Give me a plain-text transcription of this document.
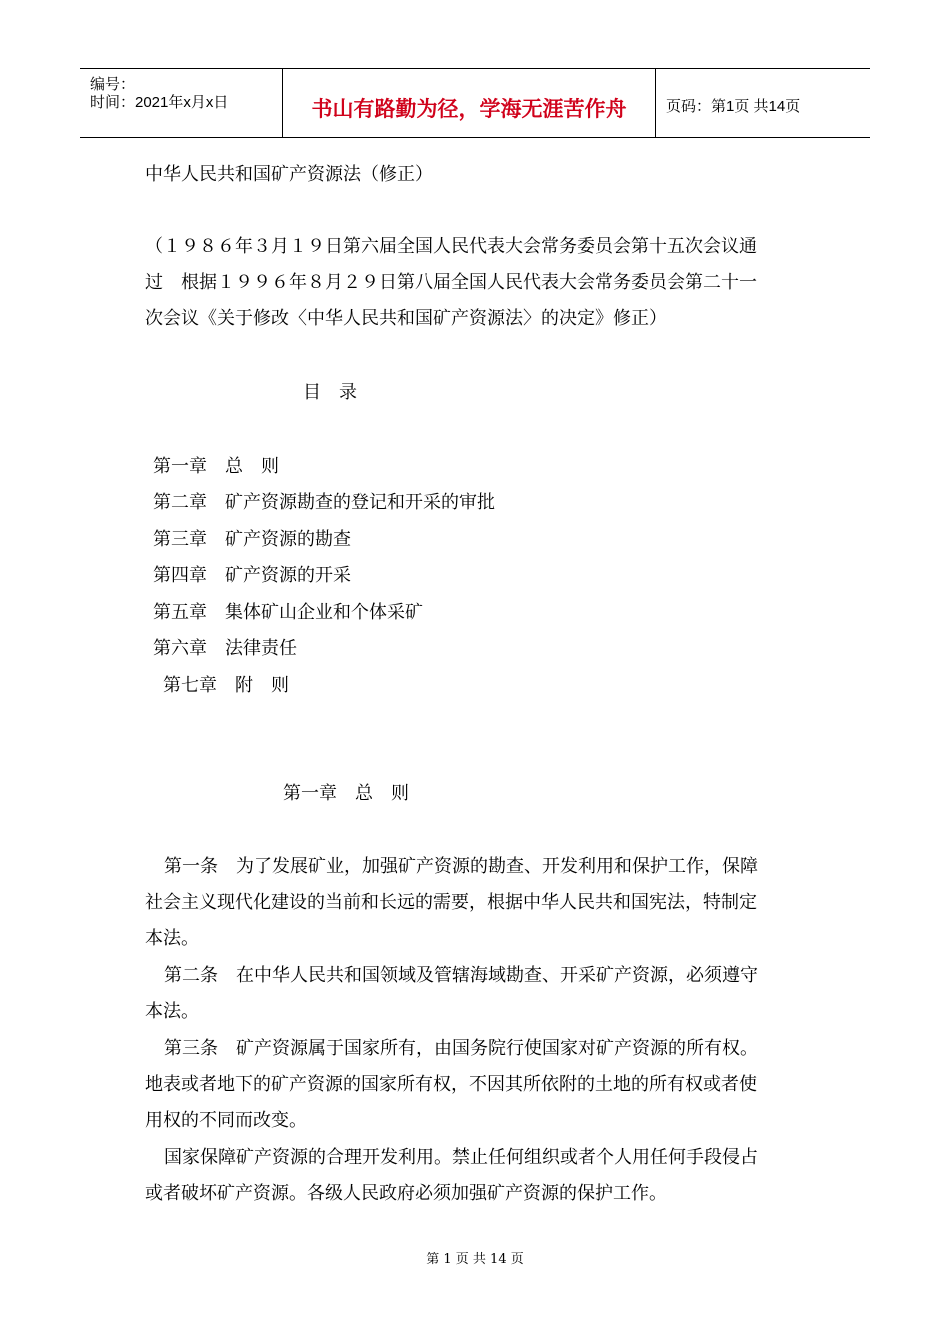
编号：
时间：2021年x月x日	书山有路勤为径，学海无涯苦作舟	页码：第1页 共14页
中华人民共和国矿产资源法（修正）
（１９８６年３月１９日第六届全国人民代表大会常务委员会第十五次会议通
过　根据１９９６年８月２９日第八届全国人民代表大会常务委员会第二十一
次会议《关于修改〈中华人民共和国矿产资源法〉的决定》修正）
目　录
第一章　总　则
第二章　矿产资源勘查的登记和开采的审批
第三章　矿产资源的勘查
第四章　矿产资源的开采
第五章　集体矿山企业和个体采矿
第六章　法律责任
第七章　附　则
第一章　总　则
第一条　为了发展矿业，加强矿产资源的勘查、开发利用和保护工作，保障
社会主义现代化建设的当前和长远的需要，根据中华人民共和国宪法，特制定
本法。
第二条　在中华人民共和国领域及管辖海域勘查、开采矿产资源，必须遵守
本法。
第三条　矿产资源属于国家所有，由国务院行使国家对矿产资源的所有权。
地表或者地下的矿产资源的国家所有权，不因其所依附的土地的所有权或者使
用权的不同而改变。
国家保障矿产资源的合理开发利用。禁止任何组织或者个人用任何手段侵占
或者破坏矿产资源。各级人民政府必须加强矿产资源的保护工作。
第 1 页 共 14 页
